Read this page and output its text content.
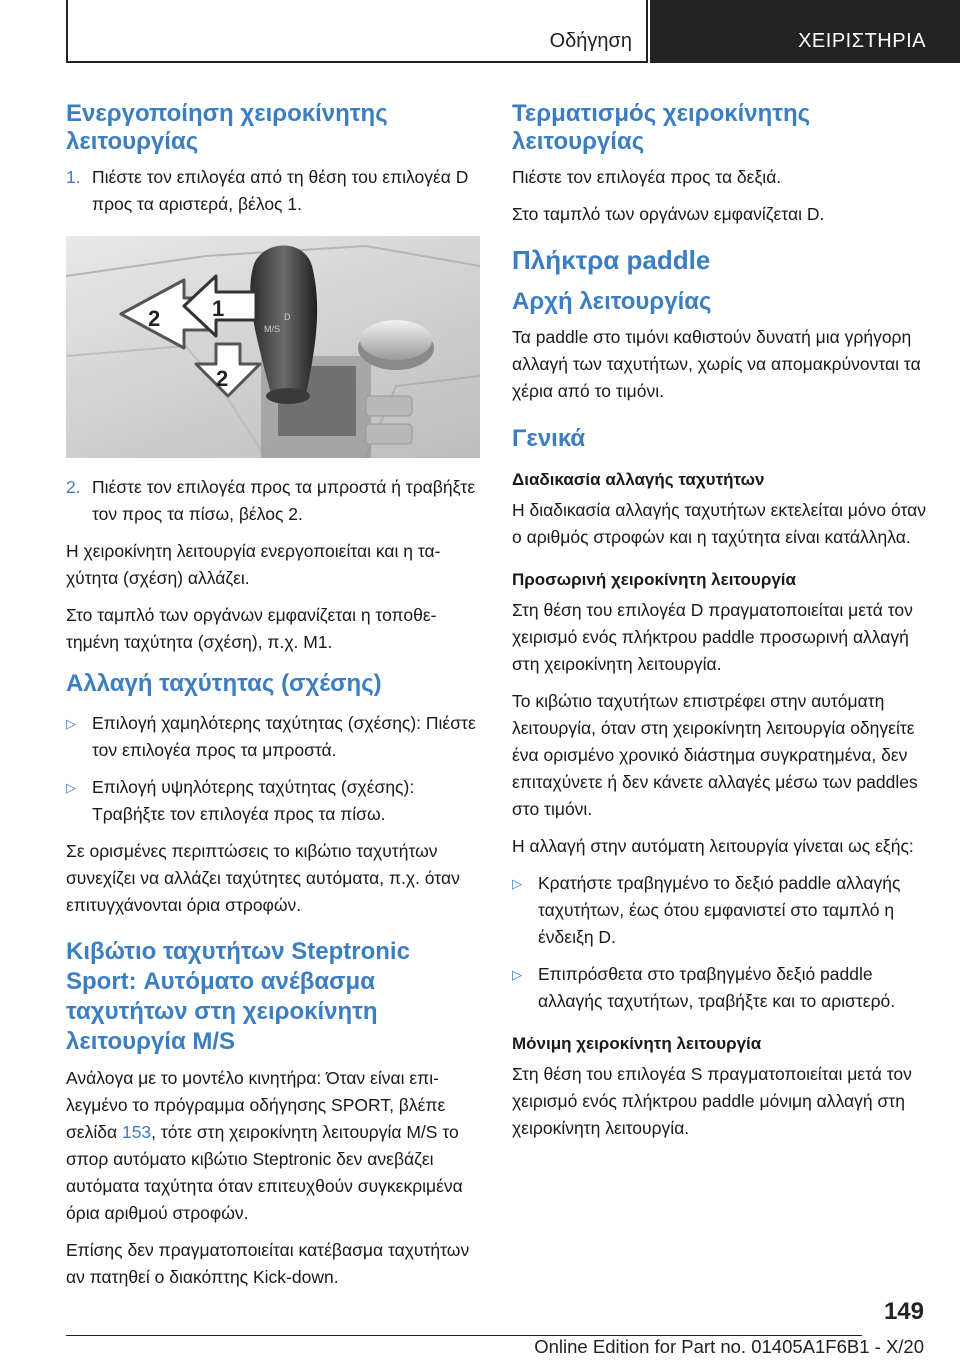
Οδήγηση	ΧΕΙΡΙΣΤΗΡΙΑ
Ενεργοποίηση χειροκίνητης λειτουργίας
1. Πιέστε τον επιλογέα από τη θέση του επιλογέα D προς τα αριστερά, βέλος 1.
M/S
D
2 1
2
2. Πιέστε τον επιλογέα προς τα μπροστά ή τραβήξτε τον προς τα πίσω, βέλος 2.

Η χειροκίνητη λειτουργία ενεργοποιείται και η ταχύτητα (σχέση) αλλάζει.

Στο ταμπλό των οργάνων εμφανίζεται η τοποθετημένη ταχύτητα (σχέση), π.χ. M1.

Αλλαγή ταχύτητας (σχέσης)
▷ Επιλογή χαμηλότερης ταχύτητας (σχέσης): Πιέστε τον επιλογέα προς τα μπροστά.
▷ Επιλογή υψηλότερης ταχύτητας (σχέσης): Τραβήξτε τον επιλογέα προς τα πίσω.

Σε ορισμένες περιπτώσεις το κιβώτιο ταχυτήτων συνεχίζει να αλλάζει ταχύτητες αυτόματα, π.χ. όταν επιτυγχάνονται όρια στροφών.

Κιβώτιο ταχυτήτων Steptronic Sport: Αυτόματο ανέβασμα ταχυτήτων στη χειροκίνητη λειτουργία M/S

Ανάλογα με το μοντέλο κινητήρα: Όταν είναι επιλεγμένο το πρόγραμμα οδήγησης SPORT, βλέπε σελίδα 153, τότε στη χειροκίνητη λειτουργία M/S το σπορ αυτόματο κιβώτιο Steptronic δεν ανεβάζει αυτόματα ταχύτητα όταν επιτευχθούν συγκεκριμένα όρια αριθμού στροφών.

Επίσης δεν πραγματοποιείται κατέβασμα ταχυτήτων αν πατηθεί ο διακόπτης Kick-down.

Τερματισμός χειροκίνητης λειτουργίας

Πιέστε τον επιλογέα προς τα δεξιά.

Στο ταμπλό των οργάνων εμφανίζεται D.

Πλήκτρα paddle
Αρχή λειτουργίας

Τα paddle στο τιμόνι καθιστούν δυνατή μια γρήγορη αλλαγή των ταχυτήτων, χωρίς να απομακρύνονται τα χέρια από το τιμόνι.

Γενικά
Διαδικασία αλλαγής ταχυτήτων

Η διαδικασία αλλαγής ταχυτήτων εκτελείται μόνο όταν ο αριθμός στροφών και η ταχύτητα είναι κατάλληλα.

Προσωρινή χειροκίνητη λειτουργία

Στη θέση του επιλογέα D πραγματοποιείται μετά τον χειρισμό ενός πλήκτρου paddle προσωρινή αλλαγή στη χειροκίνητη λειτουργία.

Το κιβώτιο ταχυτήτων επιστρέφει στην αυτόματη λειτουργία, όταν στη χειροκίνητη λειτουργία οδηγείτε ένα ορισμένο χρονικό διάστημα συγκρατημένα, δεν επιταχύνετε ή δεν κάνετε αλλαγές μέσω των paddles στο τιμόνι.

Η αλλαγή στην αυτόματη λειτουργία γίνεται ως εξής:

▷ Κρατήστε τραβηγμένο το δεξιό paddle αλλαγής ταχυτήτων, έως ότου εμφανιστεί στο ταμπλό η ένδειξη D.
▷ Επιπρόσθετα στο τραβηγμένο δεξιό paddle αλλαγής ταχυτήτων, τραβήξτε και το αριστερό.
Μόνιμη χειροκίνητη λειτουργία

Στη θέση του επιλογέα S πραγματοποιείται μετά τον χειρισμό ενός πλήκτρου paddle μόνιμη αλλαγή στη χειροκίνητη λειτουργία.

149
Online Edition for Part no. 01405A1F6B1 - X/20
